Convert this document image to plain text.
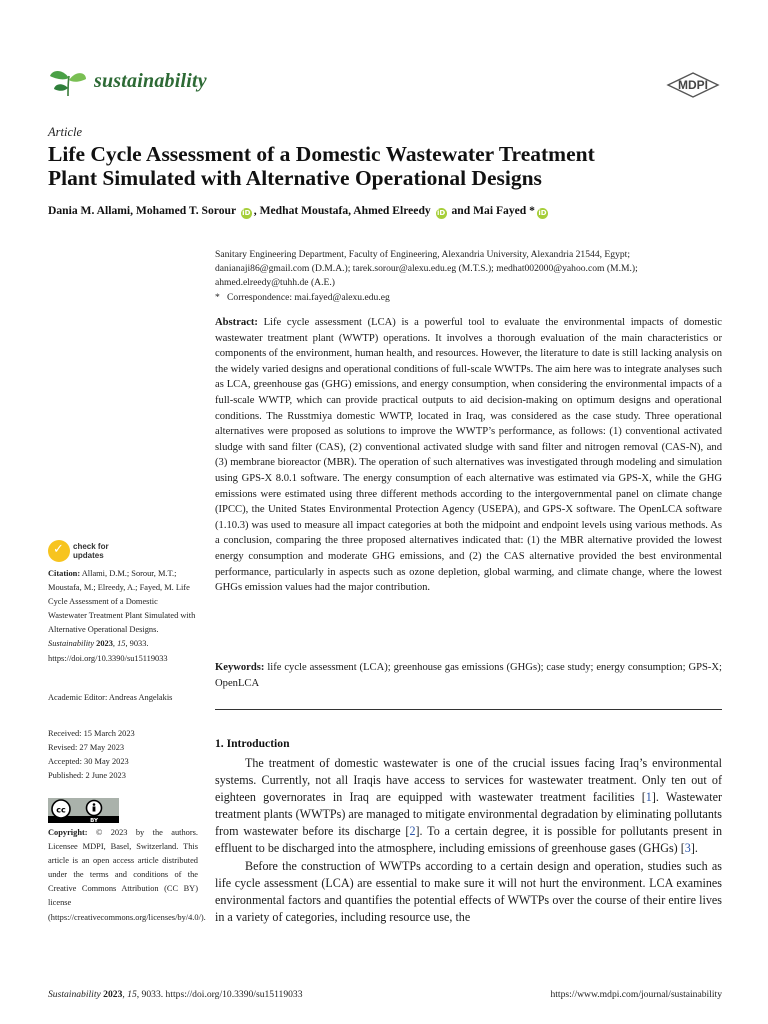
sustainability	MDPI
Article
Life Cycle Assessment of a Domestic Wastewater Treatment
Plant Simulated with Alternative Operational Designs
Dania M. Allami, Mohamed T. Sorour iD , Medhat Moustafa, Ahmed Elreedy iD and Mai Fayed * iD
Sanitary Engineering Department, Faculty of Engineering, Alexandria University, Alexandria 21544, Egypt;
danianaji86@gmail.com (D.M.A.); tarek.sorour@alexu.edu.eg (M.T.S.); medhat002000@yahoo.com (M.M.);
ahmed.elreedy@tuhh.de (A.E.)
* Correspondence: mai.fayed@alexu.edu.eg
Abstract: Life cycle assessment (LCA) is a powerful tool to evaluate the environmental impacts of domestic wastewater treatment plant (WWTP) operations. It involves a thorough evaluation of the main characteristics or components of the environment, human health, and resources. However, the literature to date is still lacking analysis on the widely varied designs and operational conditions of full-scale WWTPs. The aim here was to integrate analyses such as LCA, greenhouse gas (GHG) emissions, and energy consumption, when considering the environmental impacts of a full-scale WWTP, which can provide practical outputs to aid decision-making on optimum designs and operational conditions. The Russtmiya domestic WWTP, located in Iraq, was considered as the case study. Three operational alternatives were proposed as solutions to improve the WWTP’s performance, as follows: (1) conventional activated sludge with sand filter (CAS), (2) conventional activated sludge with sand filter and nitrogen removal (CAS-N), and (3) membrane bioreactor (MBR). The operation of such alternatives was investigated through modeling and simulation using GPS-X 8.0.1 software. The energy consumption of each alternative was estimated via GPS-X, while the GHG emissions were estimated using three different methods according to the intergovernmental panel on climate change (IPCC), the United States Environmental Protection Agency (USEPA), and GPS-X software. The OpenLCA software (1.10.3) was used to measure all impact categories at both the midpoint and endpoint levels using various methods. As a conclusion, comparing the three proposed alternatives indicated that: (1) the MBR alternative provided the lowest energy consumption and moderate GHG emissions, and (2) the CAS alternative provided the best environmental performance, particularly in aspects such as ozone depletion, global warming, and climate change, where the lowest GHGs emission values had the major contribution.
Keywords: life cycle assessment (LCA); greenhouse gas emissions (GHGs); case study; energy consumption; GPS-X; OpenLCA
✓ check for
updates
Citation: Allami, D.M.; Sorour, M.T.; Moustafa, M.; Elreedy, A.; Fayed, M. Life Cycle Assessment of a Domestic Wastewater Treatment Plant Simulated with Alternative Operational Designs. Sustainability 2023, 15, 9033. https://doi.org/10.3390/su15119033
Academic Editor: Andreas Angelakis
Received: 15 March 2023
Revised: 27 May 2023
Accepted: 30 May 2023
Published: 2 June 2023
cc
BY
Copyright: © 2023 by the authors. Licensee MDPI, Basel, Switzerland. This article is an open access article distributed under the terms and conditions of the Creative Commons Attribution (CC BY) license (https://creativecommons.org/licenses/by/4.0/).
1. Introduction

The treatment of domestic wastewater is one of the crucial issues facing Iraq’s environmental systems. Currently, not all Iraqis have access to services for wastewater treatment. Only ten out of eighteen governorates in Iraq are equipped with wastewater treatment facilities [1]. Wastewater treatment plants (WWTPs) are managed to mitigate environmental degradation by eliminating pollutants from wastewater before its discharge [2]. To a certain degree, it is possible for pollutants present in effluent to be discharged into the atmosphere, including emissions of greenhouse gases (GHGs) [3].

Before the construction of WWTPs according to a certain design and operation, studies such as life cycle assessment (LCA) are essential to make sure it will not hurt the environment. LCA examines environmental factors and quantifies the potential effects of WWTPs over the course of their entire lives in a variety of categories, including resource use, the

Sustainability 2023, 15, 9033. https://doi.org/10.3390/su15119033	https://www.mdpi.com/journal/sustainability
